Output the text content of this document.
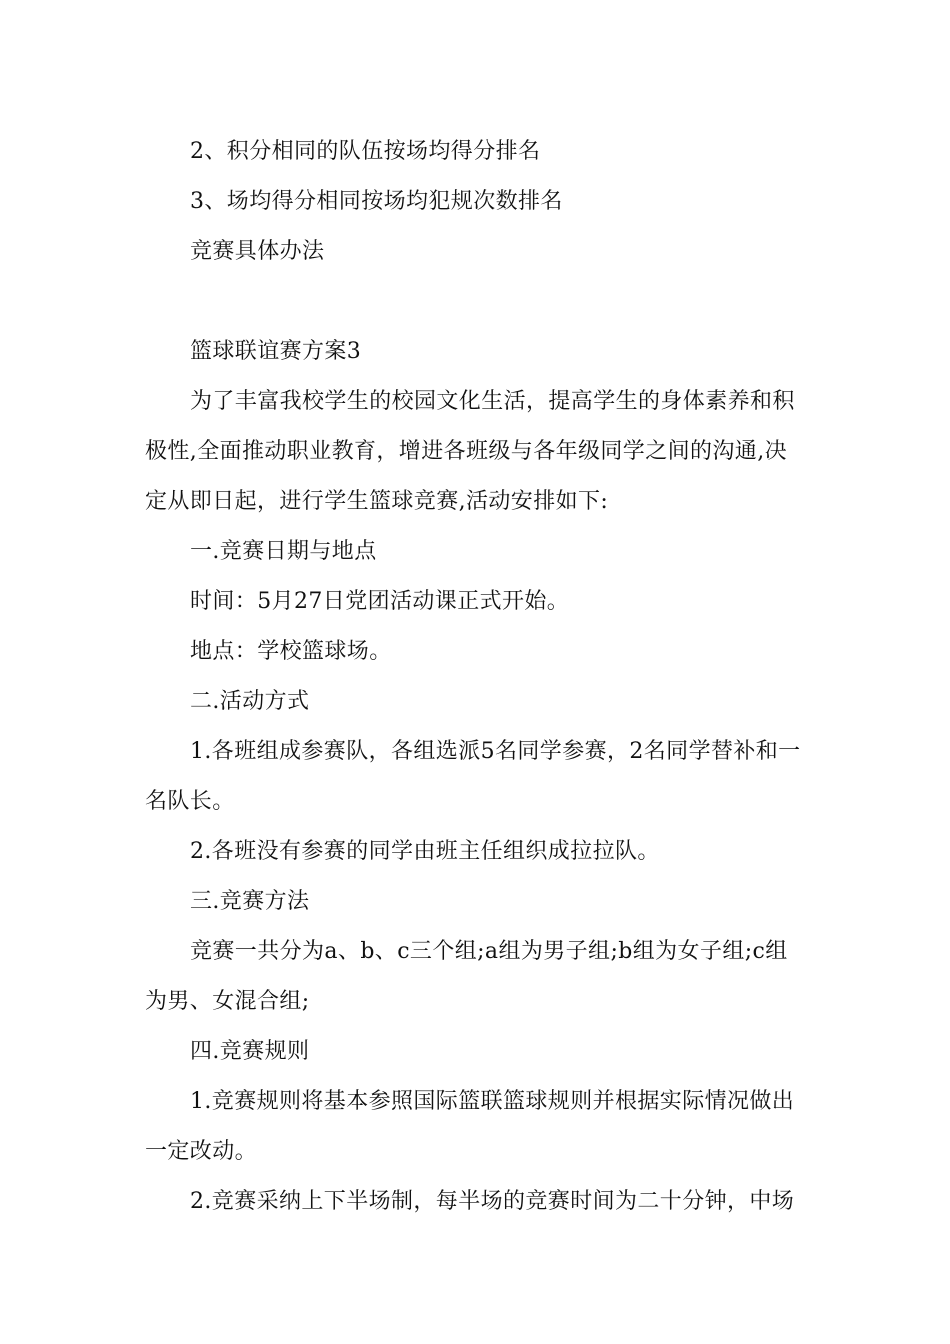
2、积分相同的队伍按场均得分排名
3、场均得分相同按场均犯规次数排名
竞赛具体办法
篮球联谊赛方案3
为了丰富我校学生的校园文化生活，提高学生的身体素养和积
极性,全面推动职业教育，增进各班级与各年级同学之间的沟通,决
定从即日起，进行学生篮球竞赛,活动安排如下:
一.竞赛日期与地点
时间：5月27日党团活动课正式开始。
地点：学校篮球场。
二.活动方式
1.各班组成参赛队，各组选派5名同学参赛，2名同学替补和一
名队长。
2.各班没有参赛的同学由班主任组织成拉拉队。
三.竞赛方法
竞赛一共分为a、b、c三个组;a组为男子组;b组为女子组;c组
为男、女混合组;
四.竞赛规则
1.竞赛规则将基本参照国际篮联篮球规则并根据实际情况做出
一定改动。
2.竞赛采纳上下半场制，每半场的竞赛时间为二十分钟，中场
